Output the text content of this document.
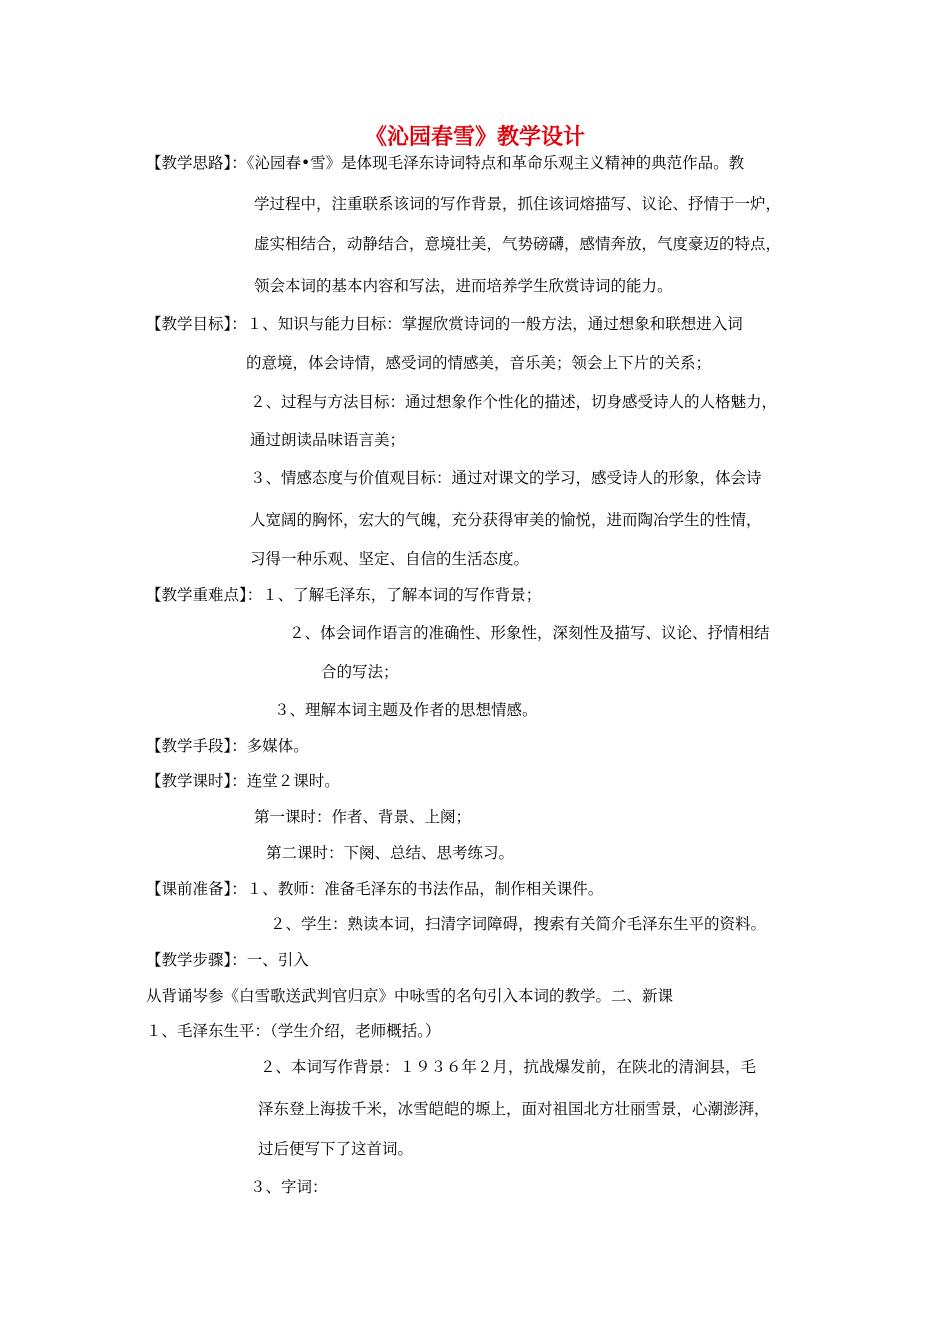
《沁园春雪》教学设计
【教学思路】：《沁园春•雪》是体现毛泽东诗词特点和革命乐观主义精神的典范作品。教
学过程中，注重联系该词的写作背景，抓住该词熔描写、议论、抒情于一炉，
虚实相结合，动静结合，意境壮美，气势磅礴，感情奔放，气度豪迈的特点，
领会本词的基本内容和写法，进而培养学生欣赏诗词的能力。
【教学目标】：１、知识与能力目标：掌握欣赏诗词的一般方法，通过想象和联想进入词
的意境，体会诗情，感受词的情感美，音乐美；领会上下片的关系；
２、过程与方法目标：通过想象作个性化的描述，切身感受诗人的人格魅力，
通过朗读品味语言美；
３、情感态度与价值观目标：通过对课文的学习，感受诗人的形象，体会诗
人宽阔的胸怀，宏大的气魄，充分获得审美的愉悦，进而陶冶学生的性情，
习得一种乐观、坚定、自信的生活态度。
【教学重难点】：１、了解毛泽东，了解本词的写作背景；
２、体会词作语言的准确性、形象性，深刻性及描写、议论、抒情相结
合的写法；
３、理解本词主题及作者的思想情感。
【教学手段】：多媒体。
【教学课时】：连堂２课时。
第一课时：作者、背景、上阕；
第二课时：下阕、总结、思考练习。
【课前准备】：１、教师：准备毛泽东的书法作品，制作相关课件。
２、学生：熟读本词，扫清字词障碍，搜索有关简介毛泽东生平的资料。
【教学步骤】：一、引入
从背诵岑参《白雪歌送武判官归京》中咏雪的名句引入本词的教学。二、新课
１、毛泽东生平：（学生介绍，老师概括。）
２、本词写作背景：１９３６年２月，抗战爆发前，在陕北的清涧县，毛
泽东登上海拔千米，冰雪皑皑的塬上，面对祖国北方壮丽雪景，心潮澎湃，
过后便写下了这首词。
３、字词：
